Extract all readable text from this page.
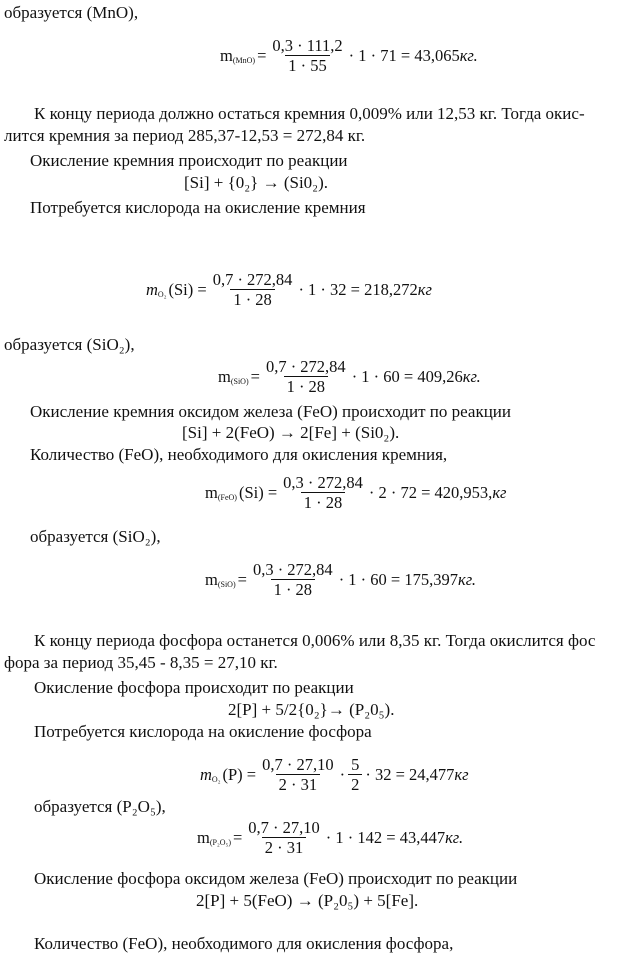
образуется (MnO),
m $(MnO) = \frac{0,3 \cdot 111,2}{1 \cdot 55} \cdot 1 \cdot 71 = 43,065$ кг.
К концу периода должно остаться кремния 0,009% или 12,53 кг. Тогда окис-
лится кремния за период 285,37-12,53 = 272,84 кг.
Окисление кремния происходит по реакции
[Si] + {0₂} → (Si0₂).
Потребуется кислорода на окисление кремния
m O₂ $(Si) = \frac{0,7 \cdot 272,84}{1 \cdot 28} \cdot 1 \cdot 32 = 218,272$ кг
образуется (SiO₂),
m $(SiO) = \frac{0,7 \cdot 272,84}{1 \cdot 28} \cdot 1 \cdot 60 = 409,26$ кг.
Окисление кремния оксидом железа (FeO) происходит по реакции
[Si] + 2(FeO) → 2[Fe] + (Si0₂).
Количество (FeO), необходимого для окисления кремния,
m (FeO) $(Si) = \frac{0,3 \cdot 272,84}{1 \cdot 28} \cdot 2 \cdot 72 = 420,953$, кг
образуется (SiO₂),
m $(SiO) = \frac{0,3 \cdot 272,84}{1 \cdot 28} \cdot 1 \cdot 60 = 175,397$ кг.
К концу периода фосфора останется 0,006% или 8,35 кг. Тогда окислится фос
фора за период 35,45 - 8,35 = 27,10 кг.
Окисление фосфора происходит по реакции
2[P] + 5/2{0₂}→ (P₂0₅).
Потребуется кислорода на окисление фосфора
m O₂ $(P) = \frac{0,7 \cdot 27,10}{2 \cdot 31} \cdot \frac{5}{2} \cdot 32 = 24,477$ кг
образуется (P₂O₅),
m $(P_2O_5) = \frac{0,7 \cdot 27,10}{2 \cdot 31} \cdot 1 \cdot 142 = 43,447$ кг.
Окисление фосфора оксидом железа (FeO) происходит по реакции
2[P] + 5(FeO) → (P₂0₅) + 5[Fe].
Количество (FeO), необходимого для окисления фосфора,
